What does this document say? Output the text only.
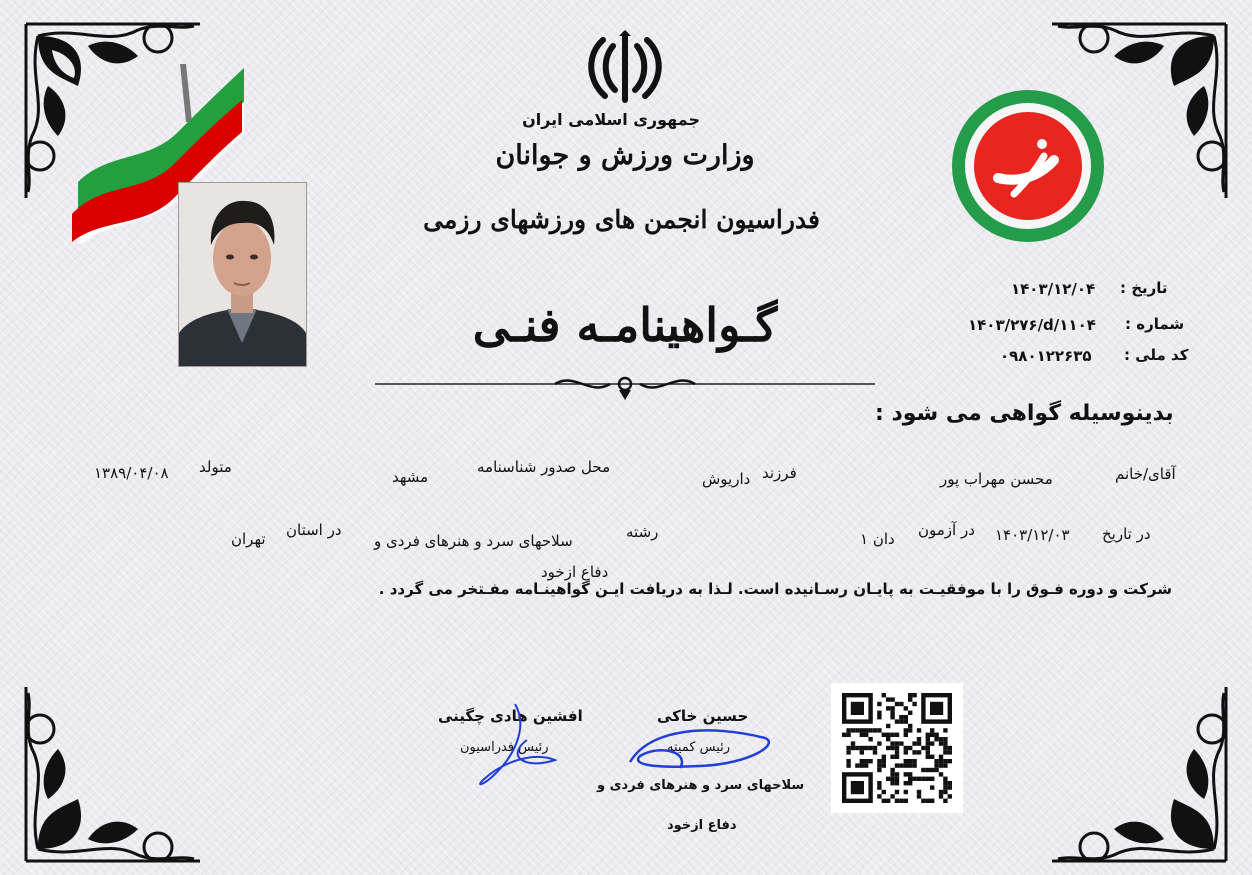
☫
جمهوری اسلامی ایران
وزارت ورزش و جوانان
فدراسیون انجمن های ورزشهای رزمی
گـواهینامـه فنـی
تاریخ :
۱۴۰۳/۱۲/۰۴
شماره :
۱۴۰۳/۲۷۶/d/۱۱۰۴
کد ملی :
۰۹۸۰۱۲۲۶۳۵
بدینوسیله گواهی می شود :
آقای/خانم
محسن مهراب پور
فرزند
داریوش
محل صدور شناسنامه
مشهد
متولد
۱۳۸۹/۰۴/۰۸
در تاریخ
۱۴۰۳/۱۲/۰۳
در آزمون
دان ۱
رشته
سلاحهای سرد و هنرهای فردی و
دفاع ازخود
در استان
تهران
شرکت و دوره فـوق را با موفقیـت به پایـان رسـانیده است. لـذا به دریافت ایـن گواهینـامه مفـتخر می گردد .
افشین هادی چگینی
رئیس فدراسیون
حسین خاکی
رئیس کمیته
سلاحهای سرد و هنرهای فردی و
دفاع ازخود
